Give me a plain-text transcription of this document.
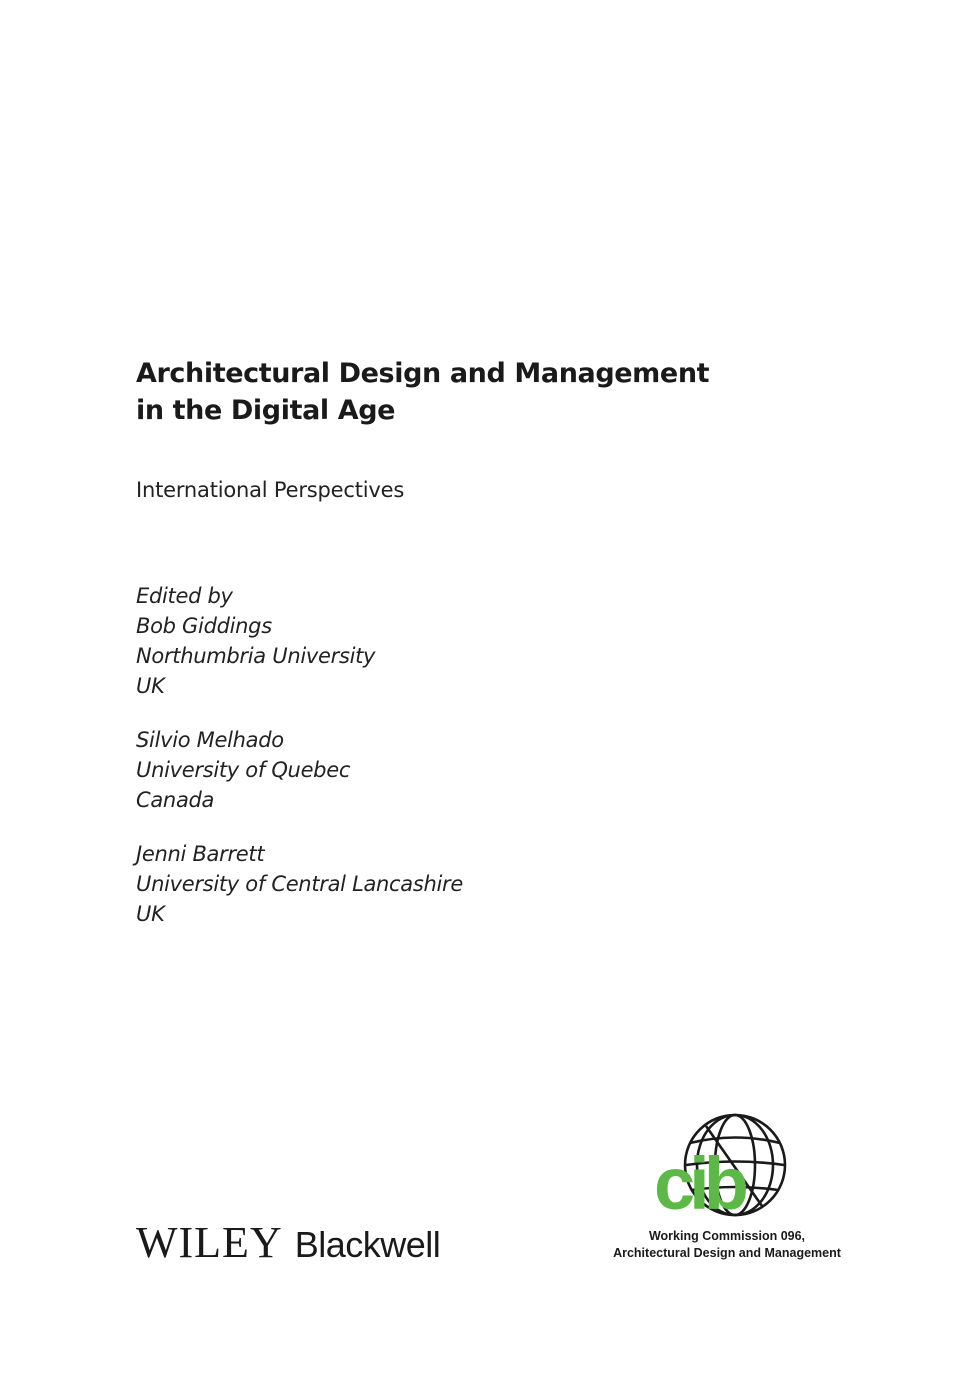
Architectural Design and Management
in the Digital Age
International Perspectives
Edited by
Bob Giddings
Northumbria University
UK
Silvio Melhado
University of Quebec
Canada
Jenni Barrett
University of Central Lancashire
UK
WILEY Blackwell
cib
Working Commission 096,
Architectural Design and Management
